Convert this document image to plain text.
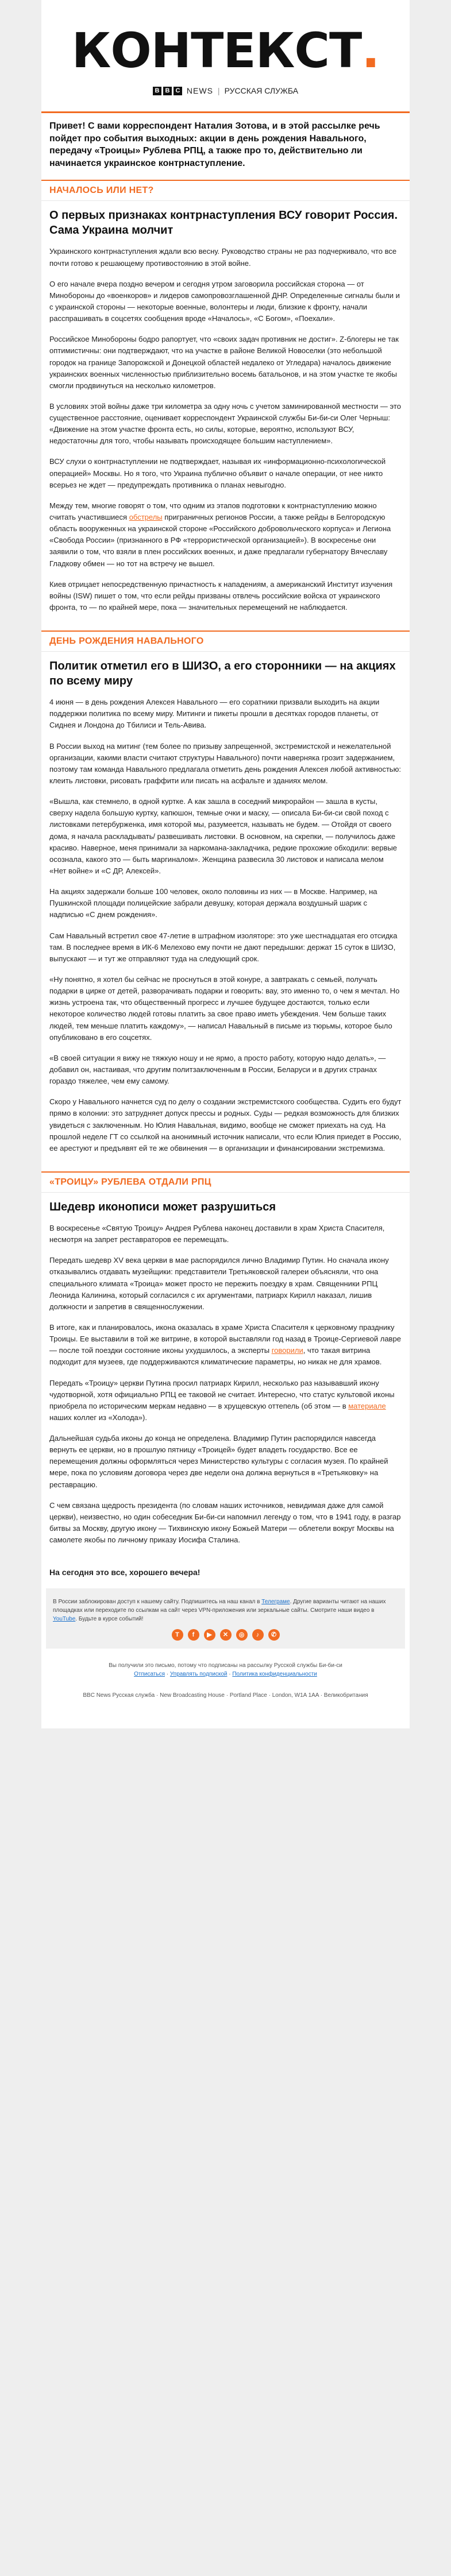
КОНТЕКСТ.
B B C NEWS | РУССКАЯ СЛУЖБА
Привет! С вами корреспондент Наталия Зотова, и в этой рассылке речь пойдет про события выходных: акции в день рождения Навального, передачу «Троицы» Рублева РПЦ, а также про то, действительно ли начинается украинское контрнаступление.
НАЧАЛОСЬ ИЛИ НЕТ?
О первых признаках контрнаступления ВСУ говорит Россия. Сама Украина молчит

Украинского контрнаступления ждали всю весну. Руководство страны не раз подчеркивало, что все почти готово к решающему противостоянию в этой войне.

О его начале вчера поздно вечером и сегодня утром заговорила российская сторона — от Минобороны до «военкоров» и лидеров самопровозглашенной ДНР. Определенные сигналы были и с украинской стороны — некоторые военные, волонтеры и люди, близкие к фронту, начали расспрашивать в соцсетях сообщения вроде «Началось», «С Богом», «Поехали».

Российское Минобороны бодро рапортует, что «своих задач противник не достиг». Z-блогеры не так оптимистичны: они подтверждают, что на участке в районе Великой Новоселки (это небольшой городок на границе Запорожской и Донецкой областей недалеко от Угледара) началось движение украинских военных численностью приблизительно восемь батальонов, и на этом участке те якобы смогли продвинуться на несколько километров.

В условиях этой войны даже три километра за одну ночь с учетом заминированной местности — это существенное расстояние, оценивает корреспондент Украинской службы Би-би-си Олег Черныш: «Движение на этом участке фронта есть, но силы, которые, вероятно, используют ВСУ, недостаточны для того, чтобы называть происходящее большим наступлением».

ВСУ слухи о контрнаступлении не подтверждает, называя их «информационно-психологической операцией» Москвы. Но я того, что Украина публично объявит о начале операции, от нее никто всерьез не ждет — предупреждать противника о планах невыгодно.

Между тем, многие говорят о том, что одним из этапов подготовки к контрнаступлению можно считать участившиеся обстрелы приграничных регионов России, а также рейды в Белгородскую область вооруженных на украинской стороне «Российского добровольческого корпуса» и Легиона «Свобода России» (признанного в РФ «террористической организацией»). В воскресенье они заявили о том, что взяли в плен российских военных, и даже предлагали губернатору Вячеславу Гладкову обмен — но тот на встречу не вышел.

Киев отрицает непосредственную причастность к нападениям, а американский Институт изучения войны (ISW) пишет о том, что если рейды призваны отвлечь российские войска от украинского фронта, то — по крайней мере, пока — значительных перемещений не наблюдается.

ДЕНЬ РОЖДЕНИЯ НАВАЛЬНОГО
Политик отметил его в ШИЗО, а его сторонники — на акциях по всему миру

4 июня — в день рождения Алексея Навального — его соратники призвали выходить на акции поддержки политика по всему миру. Митинги и пикеты прошли в десятках городов планеты, от Сиднея и Лондона до Тбилиси и Тель-Авива.

В России выход на митинг (тем более по призыву запрещенной, экстремистской и нежелательной организации, какими власти считают структуры Навального) почти наверняка грозит задержанием, поэтому там команда Навального предлагала отметить день рождения Алексея любой активностью: клеить листовки, рисовать граффити или писать на асфальте и зданиях мелом.

«Вышла, как стемнело, в одной куртке. А как зашла в соседний микрорайон — зашла в кусты, сверху надела большую куртку, капюшон, темные очки и маску, — описала Би-би-си свой поход с листовками петербурженка, имя которой мы, разумеется, называть не будем. — Отойдя от своего дома, я начала раскладывать/ развешивать листовки. В основном, на скрепки, — получилось даже красиво. Наверное, меня принимали за наркомана-закладчика, редкие прохожие обходили: вервые осознала, какого это — быть маргиналом». Женщина развесила 30 листовок и написала мелом «Нет войне» и «С ДР, Алексей».

На акциях задержали больше 100 человек, около половины из них — в Москве. Например, на Пушкинской площади полицейские забрали девушку, которая держала воздушный шарик с надписью «С днем рождения».

Сам Навальный встретил свое 47-летие в штрафном изоляторе: это уже шестнадцатая его отсидка там. В последнее время в ИК-6 Мелехово ему почти не дают передышки: держат 15 суток в ШИЗО, выпускают — и тут же отправляют туда на следующий срок.

«Ну понятно, я хотел бы сейчас не проснуться в этой конуре, а завтракать с семьей, получать подарки в цирке от детей, разворачивать подарки и говорить: вау, это именно то, о чем я мечтал. Но жизнь устроена так, что общественный прогресс и лучшее будущее достаются, только если некоторое количество людей готовы платить за свое право иметь убеждения. Чем больше таких людей, тем меньше платить каждому», — написал Навальный в письме из тюрьмы, которое было опубликовано в его соцсетях.

«В своей ситуации я вижу не тяжкую ношу и не ярмо, а просто работу, которую надо делать», — добавил он, настаивая, что другим политзаключенным в России, Беларуси и в других странах гораздо тяжелее, чем ему самому.

Скоро у Навального начнется суд по делу о создании экстремистского сообщества. Судить его будут прямо в колонии: это затрудняет допуск прессы и родных. Суды — редкая возможность для близких увидеться с заключенным. Но Юлия Навальная, видимо, вообще не сможет приехать на суд. На прошлой неделе ГТ со ссылкой на анонимный источник написали, что если Юлия приедет в Россию, ее арестуют и предъявят ей те же обвинения — в организации и финансировании экстремизма.

«ТРОИЦУ» РУБЛЕВА ОТДАЛИ РПЦ
Шедевр иконописи может разрушиться

В воскресенье «Святую Троицу» Андрея Рублева наконец доставили в храм Христа Спасителя, несмотря на запрет реставраторов ее перемещать.

Передать шедевр XV века церкви в мае распорядился лично Владимир Путин. Но сначала икону отказывались отдавать музейщики: представители Третьяковской галереи объясняли, что она специального климата «Троица» может просто не пережить поездку в храм. Священники РПЦ Леонида Калинина, который согласился с их аргументами, патриарх Кирилл наказал, лишив должности и запретив в священнослужении.

В итоге, как и планировалось, икона оказалась в храме Христа Спасителя к церковному празднику Троицы. Ее выставили в той же витрине, в которой выставляли год назад в Троице-Сергиевой лавре — после той поездки состояние иконы ухудшилось, а эксперты говорили, что такая витрина подходит для музеев, где поддерживаются климатические параметры, но никак не для храмов.

Передать «Троицу» церкви Путина просил патриарх Кирилл, несколько раз называвший икону чудотворной, хотя официально РПЦ ее таковой не считает. Интересно, что статус культовой иконы приобрела по историческим меркам недавно — в хрущевскую оттепель (об этом — в материале наших коллег из «Холода»).

Дальнейшая судьба иконы до конца не определена. Владимир Путин распорядился навсегда вернуть ее церкви, но в прошлую пятницу «Троицей» будет владеть государство. Все ее перемещения должны оформляться через Министерство культуры с согласия музея. По крайней мере, пока по условиям договора через две недели она должна вернуться в «Третьяковку» на реставрацию.

С чем связана щедрость президента (по словам наших источников, невидимая даже для самой церкви), неизвестно, но один собеседник Би-би-си напомнил легенду о том, что в 1941 году, в разгар битвы за Москву, другую икону — Тихвинскую икону Божьей Матери — облетели вокруг Москвы на самолете якобы по личному приказу Иосифа Сталина.

На сегодня это все, хорошего вечера!
В России заблокирован доступ к нашему сайту. Подпишитесь на наш канал в Телеграме. Другие варианты читают на наших площадках или переходите по ссылкам на сайт через VPN-приложения или зеркальные сайты. Смотрите наши видео в YouTube. Будьте в курсе событий!
T	f	▶	✕	◎	♪	✆
Вы получили это письмо, потому что подписаны на рассылку Русской службы Би-би-си
Отписаться · Управлять подпиской · Политика конфиденциальности
BBC News Русская служба · New Broadcasting House · Portland Place · London, W1A 1AA · Великобритания
